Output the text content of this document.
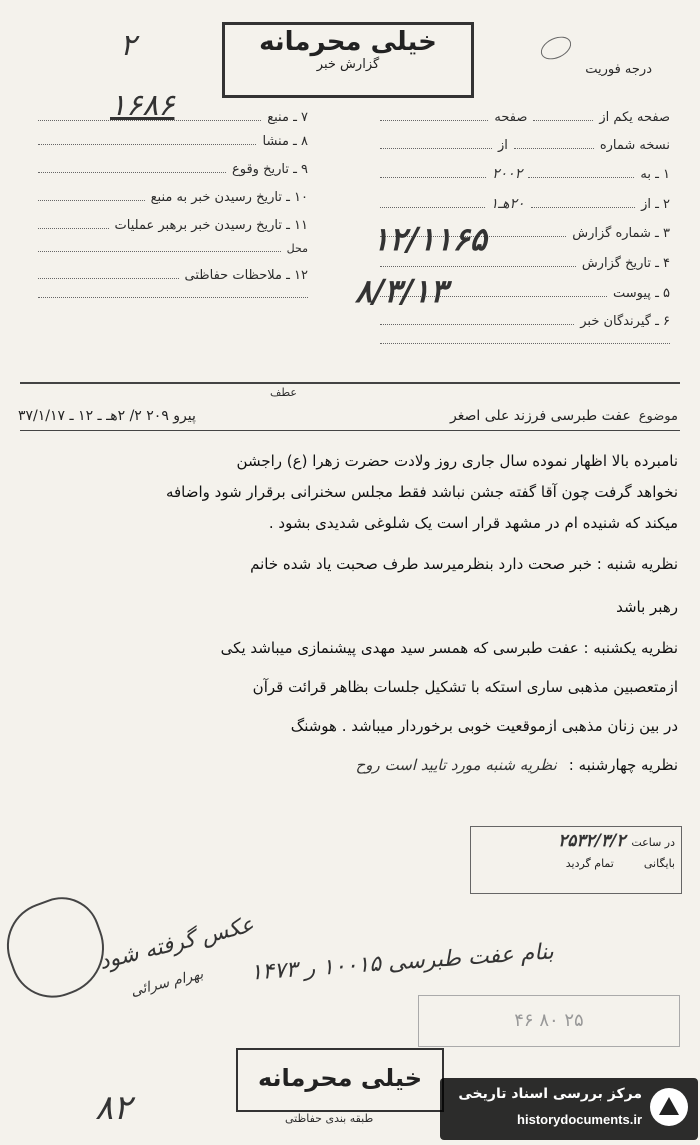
۲
۱۶۸۶
خیلی محرمانه
گزارش خبر	درجه فوریت
صفحه یکم از
صفحه
نسخه شماره
از
۱ ـ به
۲۰۰۲
۲ ـ از
۲۰هـ۱
۳ ـ شماره گزارش
۴ ـ تاریخ گزارش
۵ ـ پیوست
۶ ـ گیرندگان خبر
۷ ـ منبع
۸ ـ منشا
۹ ـ تاریخ وقوع
۱۰ ـ تاریخ رسیدن خبر به منبع
۱۱ ـ تاریخ رسیدن خبر برهبر عملیات
محل
۱۲ ـ ملاحظات حفاظتی
۱۲/۱۱۶۵
۸/۳/۱۳
عطف
موضوع
عفت طبرسی فرزند علی اصغر
پیرو ۲۰۹ ۲/ ۲هـ ـ ۱۲ ـ ۳۷/۱/۱۷
نامبرده بالا اظهار نموده سال جاری روز ولادت حضرت زهرا (ع) راجشن
نخواهد گرفت چون آقا گفته جشن نباشد فقط مجلس سخنرانی برقرار شود واضافه
میکند که شنیده ام در مشهد قرار است یک شلوغی شدیدی بشود .
نظریه شنبه : خبر صحت دارد بنظرمیرسد طرف صحبت یاد شده خانم
رهبر باشد
نظریه یکشنبه : عفت طبرسی که همسر سید مهدی پیشنمازی میباشد یکی
ازمتعصبین مذهبی ساری استکه با تشکیل جلسات بظاهر قرائت قرآن
در بین زنان مذهبی ازموقعیت خوبی برخوردار میباشد . هوشنگ
نظریه چهارشنبه :
نظریه شنبه مورد تایید است روح
در ساعت
۲۵۳۲/۳/۲
بایگانی
تمام گردید
عکس گرفته شود
بهرام سرائی بنام عفت طبرسی ۱۰۰۱۵ ر ۱۴۷۳
۴۶ ۸۰ ۲۵
خیلی محرمانه
طبقه بندی حفاظتی
۸۲	مرکز بررسی اسناد تاریخی
historydocuments.ir
